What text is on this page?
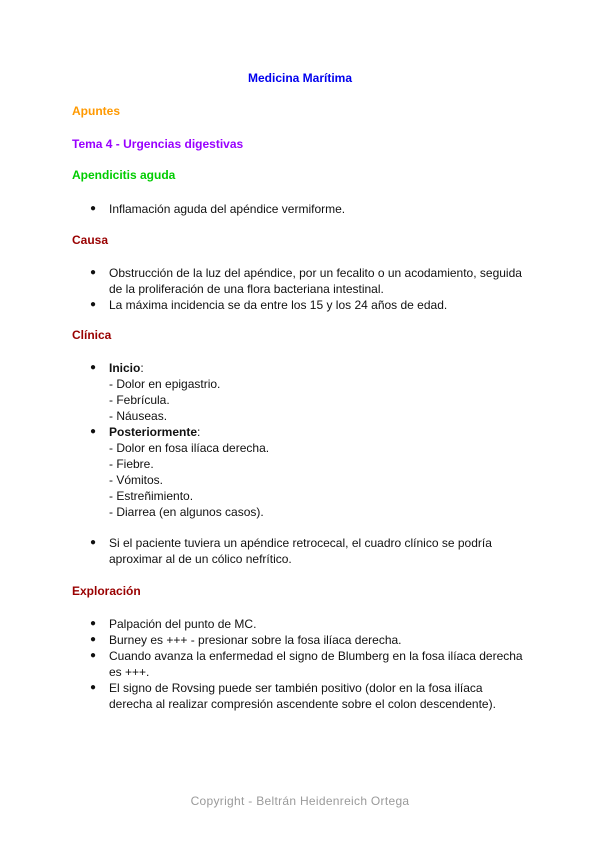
Medicina Marítima
Apuntes
Tema 4 - Urgencias digestivas
Apendicitis aguda
● Inflamación aguda del apéndice vermiforme.
Causa
● Obstrucción de la luz del apéndice, por un fecalito o un acodamiento, seguida
de la proliferación de una flora bacteriana intestinal.
● La máxima incidencia se da entre los 15 y los 24 años de edad.
Clínica
● Inicio:
- Dolor en epigastrio.
- Febrícula.
- Náuseas.
● Posteriormente:
- Dolor en fosa ilíaca derecha.
- Fiebre.
- Vómitos.
- Estreñimiento.
- Diarrea (en algunos casos).
● Si el paciente tuviera un apéndice retrocecal, el cuadro clínico se podría
aproximar al de un cólico nefrítico.
Exploración
● Palpación del punto de MC.
● Burney es +++ - presionar sobre la fosa ilíaca derecha.
● Cuando avanza la enfermedad el signo de Blumberg en la fosa ilíaca derecha
es +++.
● El signo de Rovsing puede ser también positivo (dolor en la fosa ilíaca
derecha al realizar compresión ascendente sobre el colon descendente).
Copyright - Beltrán Heidenreich Ortega
